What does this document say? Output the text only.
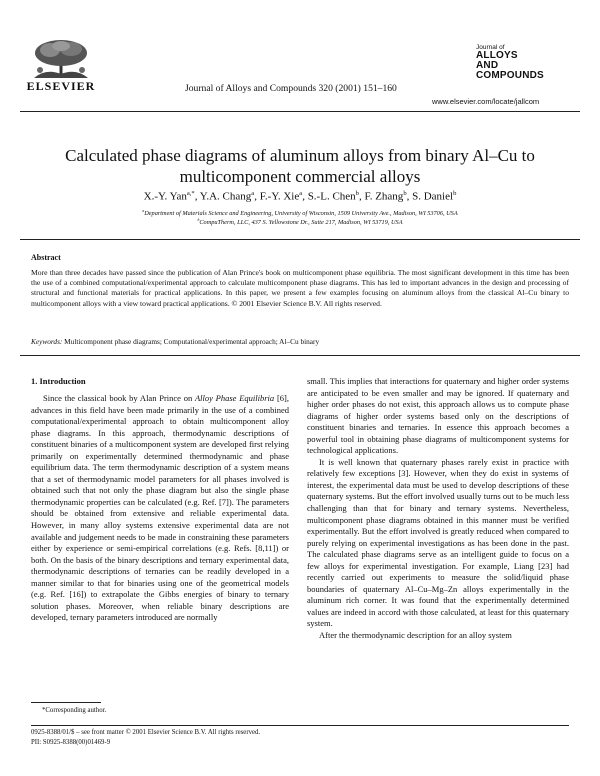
ELSEVIER	Journal of Alloys and Compounds 320 (2001) 151–160
Journal of
ALLOYS
AND COMPOUNDS
www.elsevier.com/locate/jallcom
Calculated phase diagrams of aluminum alloys from binary Al–Cu to
multicomponent commercial alloys
X.-Y. Yan$^{a,*}$, Y.A. Chang$^a$, F.-Y. Xie$^a$, S.-L. Chen$^b$, F. Zhang$^b$, S. Daniel$^b$
$^a$Department of Materials Science and Engineering, University of Wisconsin, 1509 University Ave., Madison, WI 53706, USA
$^b$CompuTherm, LLC, 437 S. Yellowstone Dr., Suite 217, Madison, WI 53719, USA
Abstract
More than three decades have passed since the publication of Alan Prince's book on multicomponent phase equilibria. The most significant development in this time has been the use of a combined computational/experimental approach to calculate multicomponent phase diagrams. This has led to important advances in the design and processing of structural and functional materials for practical applications. In this paper, we present a few examples focusing on aluminum alloys from the classical Al–Cu binary to multicomponent alloys with a view toward practical applications. © 2001 Elsevier Science B.V. All rights reserved.
Keywords: Multicomponent phase diagrams; Computational/experimental approach; Al–Cu binary
1. Introduction

Since the classical book by Alan Prince on Alloy Phase Equilibria [6], advances in this field have been made primarily in the use of a combined computational/experimental approach to obtain multicomponent alloy phase diagrams. In this approach, thermodynamic descriptions of constituent binaries of a multicomponent system are developed first relying primarily on experimentally determined thermodynamic and phase equilibrium data. The term thermodynamic description of a system means that a set of thermodynamic model parameters for all phases involved is obtained such that not only the phase diagram but also the single phase thermodynamic properties can be calculated (e.g. Ref. [7]). The parameters should be obtained from extensive and reliable experimental data. However, in many alloy systems extensive experimental data are not available and judgement needs to be made in constraining these parameters either by experience or semi-empirical correlations (e.g. Refs. [8,11]) or both. On the basis of the binary descriptions and ternary experimental data, thermodynamic descriptions of ternaries can be readily developed in a manner similar to that for binaries using one of the geometrical models (e.g. Ref. [16]) to extrapolate the Gibbs energies of binary to ternary solution phases. Moreover, when reliable binary descriptions are developed, ternary parameters introduced are normally

small. This implies that interactions for quaternary and higher order systems are anticipated to be even smaller and may be ignored. If quaternary and higher order phases do not exist, this approach allows us to compute phase diagrams of higher order systems based only on the descriptions of constituent binaries and ternaries. In essence this approach becomes a powerful tool in obtaining phase diagrams of multicomponent systems for technological applications.

It is well known that quaternary phases rarely exist in practice with relatively few exceptions [3]. However, when they do exist in systems of interest, the experimental data must be used to develop descriptions of these quaternary systems. But the effort involved usually turns out to be much less challenging than that for binary and ternary systems. Nevertheless, multicomponent phase diagrams obtained in this manner must be verified experimentally. But the effort involved is greatly reduced when compared to purely relying on experimental investigations as has been done in the past. The calculated phase diagrams serve as an intelligent guide to focus on a few alloys for experimental investigation. For example, Liang [23] had recently carried out experiments to measure the solid/liquid phase boundaries of quaternary Al–Cu–Mg–Zn alloys experimentally in the aluminum rich corner. It was found that the experimentally determined values are indeed in accord with those calculated, at least for this quaternary system.

After the thermodynamic description for an alloy system

*Corresponding author.
0925-8388/01/$ – see front matter © 2001 Elsevier Science B.V. All rights reserved.
PII: S0925-8388(00)01469-9
